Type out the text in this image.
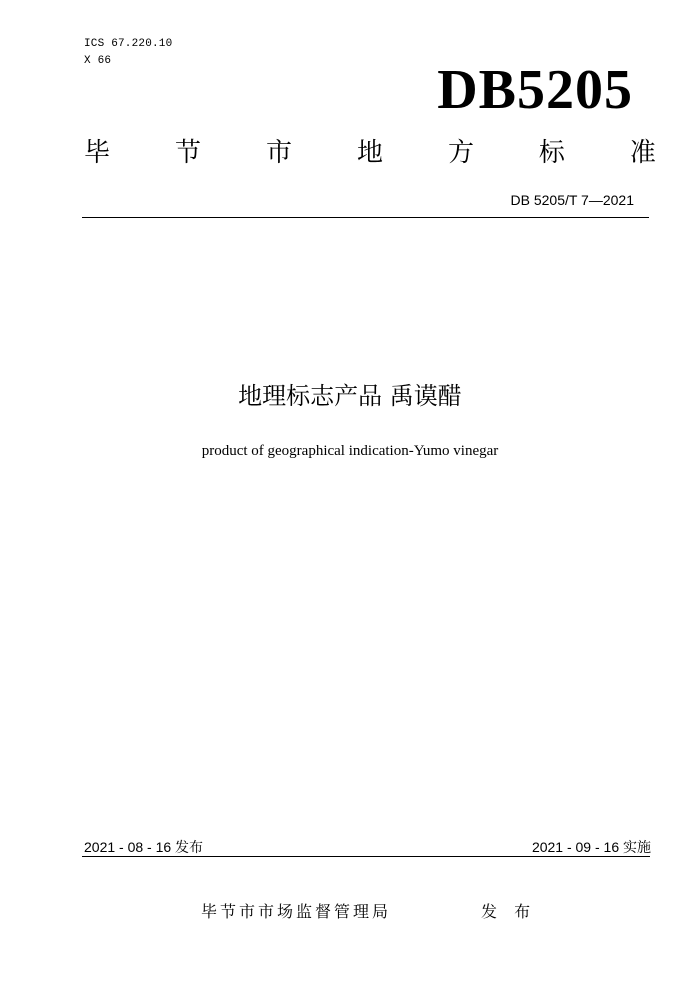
ICS 67.220.10
X 66	DB5205
毕 节 市 地 方 标 准
DB 5205/T 7—2021
地理标志产品 禹谟醋
product of geographical indication-Yumo vinegar
2021 - 08 - 16 发布	2021 - 09 - 16 实施
毕节市市场监督管理局	发 布
